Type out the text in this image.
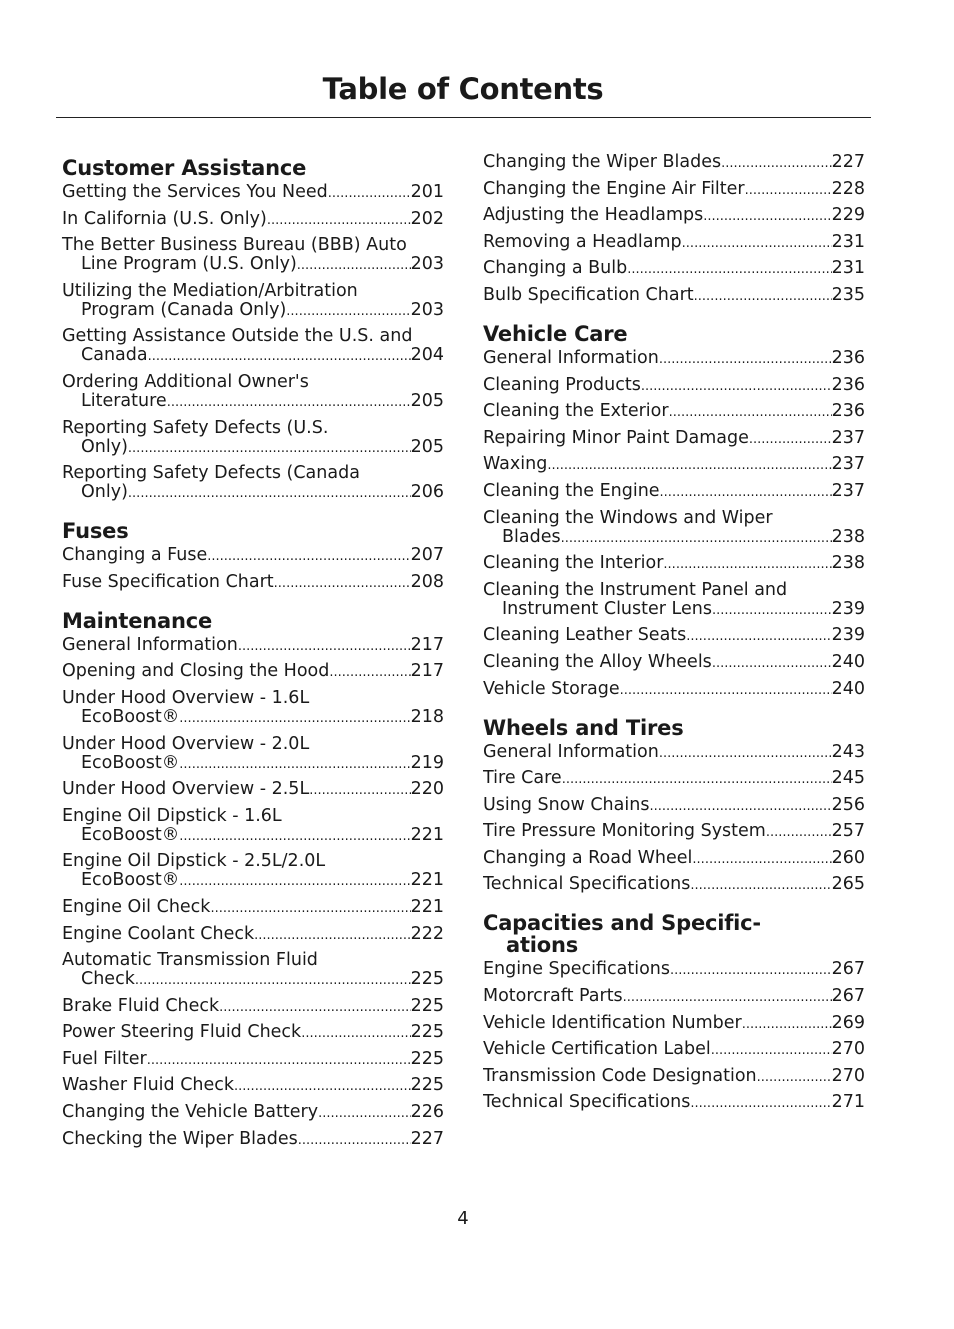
Table of Contents
Customer Assistance
Getting the Services You Need .....	201
In California (U.S. Only) .....	202
The Better Business Bureau (BBB) Auto
Line Program (U.S. Only) .....	203
Utilizing the Mediation/Arbitration
Program (Canada Only) .....	203
Getting Assistance Outside the U.S. and
Canada .....	204
Ordering Additional Owner's
Literature .....	205
Reporting Safety Defects (U.S.
Only) .....	205
Reporting Safety Defects (Canada
Only) .....	206
Fuses
Changing a Fuse .....	207
Fuse Specification Chart .....	208
Maintenance
General Information .....	217
Opening and Closing the Hood .....	217
Under Hood Overview - 1.6L
EcoBoost® .....	218
Under Hood Overview - 2.0L
EcoBoost® .....	219
Under Hood Overview - 2.5L .....	220
Engine Oil Dipstick - 1.6L
EcoBoost® .....	221
Engine Oil Dipstick - 2.5L/2.0L
EcoBoost® .....	221
Engine Oil Check .....	221
Engine Coolant Check .....	222
Automatic Transmission Fluid
Check .....	225
Brake Fluid Check .....	225
Power Steering Fluid Check .....	225
Fuel Filter .....	225
Washer Fluid Check .....	225
Changing the Vehicle Battery .....	226
Checking the Wiper Blades .....	227
Changing the Wiper Blades .....	227
Changing the Engine Air Filter .....	228
Adjusting the Headlamps .....	229
Removing a Headlamp .....	231
Changing a Bulb .....	231
Bulb Specification Chart .....	235
Vehicle Care
General Information .....	236
Cleaning Products .....	236
Cleaning the Exterior .....	236
Repairing Minor Paint Damage .....	237
Waxing .....	237
Cleaning the Engine .....	237
Cleaning the Windows and Wiper
Blades .....	238
Cleaning the Interior .....	238
Cleaning the Instrument Panel and
Instrument Cluster Lens .....	239
Cleaning Leather Seats .....	239
Cleaning the Alloy Wheels .....	240
Vehicle Storage .....	240
Wheels and Tires
General Information .....	243
Tire Care .....	245
Using Snow Chains .....	256
Tire Pressure Monitoring System .....	257
Changing a Road Wheel .....	260
Technical Specifications .....	265
Capacities and Specific-
ations
Engine Specifications .....	267
Motorcraft Parts .....	267
Vehicle Identification Number .....	269
Vehicle Certification Label .....	270
Transmission Code Designation .....	270
Technical Specifications .....	271
4
